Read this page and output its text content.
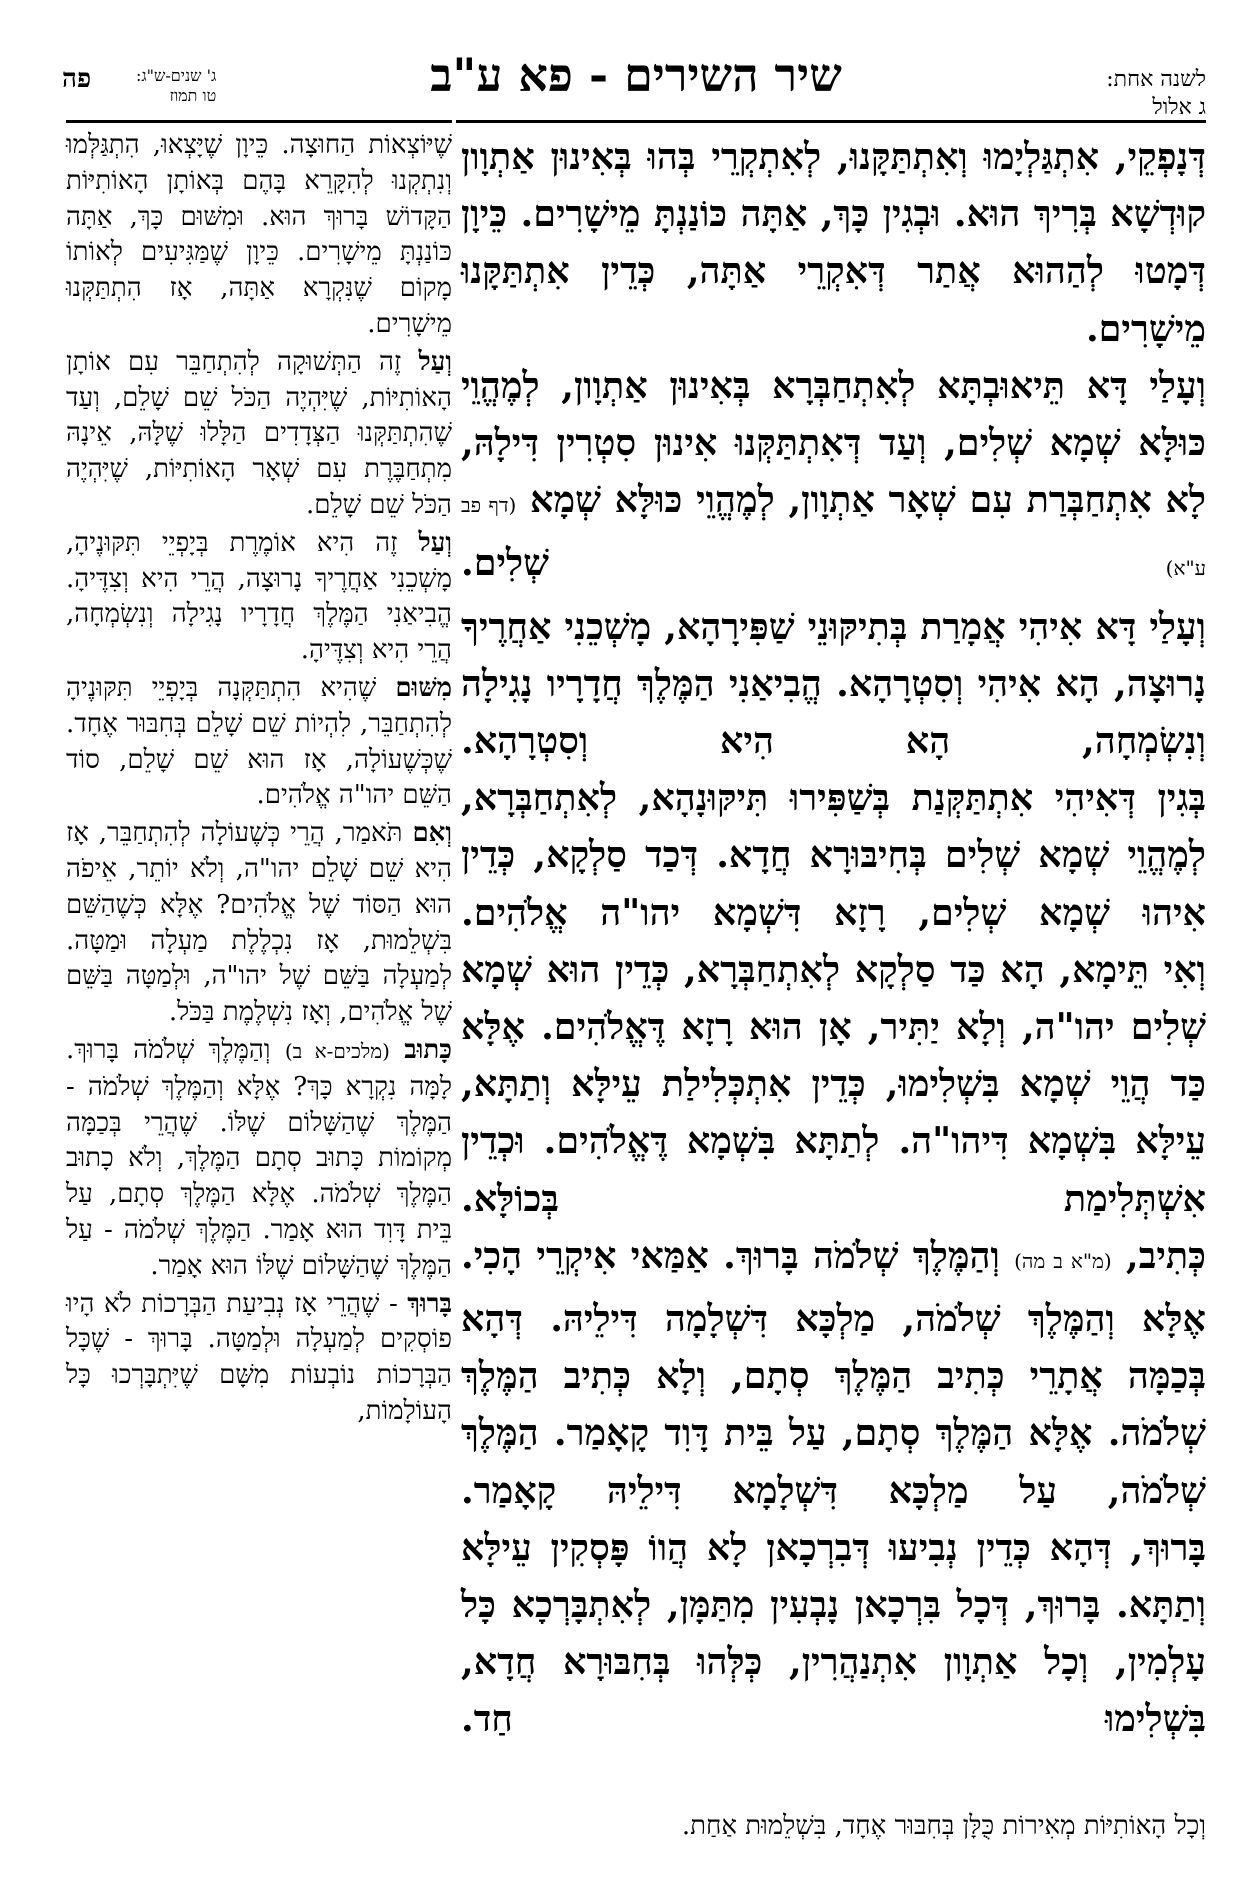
לשנה אחת:
ג אלול
שיר השירים - פא ע"ב
ג' שנים-ש"ג:
טו תמוז
פה

דְּנָפְקֵי, אִתְגַּלְיָמוּ וְאִתְתַּקָּנוּ, לְאִתְקְרֵי בְּהוּ בְּאִינוּן אַתְוָון קוּדְשָׁא בְּרִיךְ הוּא. וּבְגִין כָּךְ, אַתָּה כּוֹנַנְתָּ מֵישָׁרִים. כֵּיוָן דְּמָטוּ לְהַהוּא אֲתַר דְּאִקְרֵי אַתָּה, כְּדֵין אִתְתַּקָּנוּ מֵישָׁרִים.

וְעָלַי דָּא תֵּיאוּבְתָּא לְאִתְחַבְּרָא בְּאִינוּן אַתְוָון, לְמֶהֱוֵי כּוּלָּא שְׁמָא שְׁלִים, וְעַד דְּאִתְתַּקְּנוּ אִינוּן סִטְרִין דִּילָהּ, לָא אִתְחַבְּרַת עִם שְׁאָר אַתְוָון, לְמֶהֱוֵי כּוּלָּא שְׁמָא (דף פב ע"א) שְׁלִים.

וְעָלַי דָּא אִיהִי אֲמָרַת בְּתִיקּוּנֵי שַׁפִּירָהָא, מָשְׁכֵנִי אַחֲרֶיךָ נָרוּצָה, הָא אִיהִי וְסִטְרָהָא. הֱבִיאַנִי הַמֶּלֶךְ חֲדָרָיו נָגִילָה וְנִשְׂמְחָה, הָא הִיא וְסִטְרָהָא.

בְּגִין דְּאִיהִי אִתְתַּקְּנַת בְּשַׁפִּירוּ תִּיקּוּנָהָא, לְאִתְחַבְּרָא, לְמֶהֱוֵי שְׁמָא שְׁלִים בְּחִיבּוּרָא חֲדָא. דְּכַד סַלְקָא, כְּדֵין אִיהוּ שְׁמָא שְׁלִים, רָזָא דִּשְׁמָא יהו"ה אֱלֹהִים.

וְאִי תֵּימָא, הָא כַּד סַלְקָא לְאִתְחַבְּרָא, כְּדֵין הוּא שְׁמָא שְׁלִים יהו"ה, וְלָא יַתִּיר, אָן הוּא רָזָא דֶּאֱלֹהִים. אֶלָּא כַּד הֲוֵי שְׁמָא בִּשְׁלִימוּ, כְּדֵין אִתְכְּלִילַת עֵילָּא וְתַתָּא, עֵילָּא בִּשְׁמָא דִּיהו"ה. לְתַתָּא בִּשְׁמָא דֶּאֱלֹהִים. וּכְדֵין אִשְׁתְּלִימַת בְּכוֹלָּא.

כְּתִיב, (מ"א ב מה) וְהַמֶּלֶךְ שְׁלֹמֹה בָּרוּךְ. אַמַּאי אִיקְרֵי הָכִי. אֶלָּא וְהַמֶּלֶךְ שְׁלֹמֹה, מַלְכָּא דִּשְׁלָמָה דִּילֵיהּ. דְּהָא בְּכַמָּה אֲתָרֵי כְּתִיב הַמֶּלֶךְ סְתָם, וְלָא כְּתִיב הַמֶּלֶךְ שְׁלֹמֹה. אֶלָּא הַמֶּלֶךְ סְתָם, עַל בֵּית דָּוִד קָאָמַר. הַמֶּלֶךְ שְׁלֹמֹה, עַל מַלְכָּא דִּשְׁלָמָא דִּילֵיהּ קָאָמַר.

בָּרוּךְ, דְּהָא כְּדֵין נְבִיעוּ דְּבִרְכָאן לָא הֲווֹ פָּסְקִין עֵילָּא וְתַתָּא. בָּרוּךְ, דְּכָל בִּרְכָאן נָבְעִין מִתַּמָּן, לְאִתְבָּרְכָא כָּל עָלְמִין, וְכָל אַתְוָון אִתְנַהֲרִין, כְּלְּהוּ בְּחִבּוּרָא חֲדָא, בִּשְׁלִימוּ חַד.

שֶׁיּוֹצְאוֹת הַחוּצָה. כֵּיוָן שֶׁיָּצְאוּ, הִתְגַּלְּמוּ וְנִתְקְנוּ לְהִקָּרֵא בָּהֶם בְּאוֹתָן הָאוֹתִיּוֹת הַקָּדוֹשׁ בָּרוּךְ הוּא. וּמִשּׁוּם כָּךְ, אַתָּה כּוֹנַנְתָּ מֵישָׁרִים. כֵּיוָן שֶׁמַּגִּיעִים לְאוֹתוֹ מָקוֹם שֶׁנִּקְרָא אַתָּה, אָז הִתְתַּקְּנוּ מֵישָׁרִים.

וְעַל זֶה הַתְּשׁוּקָה לְהִתְחַבֵּר עִם אוֹתָן הָאוֹתִיּוֹת, שֶׁיִּהְיֶה הַכֹּל שֵׁם שָׁלֵם, וְעַד שֶׁהִתְתַּקְּנוּ הַצְּדָדִים הַלָּלוּ שֶׁלָּהּ, אֵינָהּ מִתְחַבֶּרֶת עִם שְׁאָר הָאוֹתִיּוֹת, שֶׁיִּהְיֶה הַכֹּל שֵׁם שָׁלֵם.

וְעַל זֶה הִיא אוֹמֶרֶת בְּיָפְיֵי תִּקּוּנֶיהָ, מָשְׁכֵנִי אַחֲרֶיךָ נָרוּצָה, הֲרֵי הִיא וְצִדֶּיהָ. הֱבִיאַנִי הַמֶּלֶךְ חֲדָרָיו נָגִילָה וְנִשְׂמְחָה, הֲרֵי הִיא וְצִדֶּיהָ.

מִשּׁוּם שֶׁהִיא הִתְתַּקְּנָה בְּיָפְיֵי תִּקּוּנֶיהָ לְהִתְחַבֵּר, לִהְיוֹת שֵׁם שָׁלֵם בְּחִבּוּר אֶחָד. שֶׁכְּשֶׁעוֹלָה, אָז הוּא שֵׁם שָׁלֵם, סוֹד הַשֵּׁם יהו"ה אֱלֹהִים.

וְאִם תֹּאמַר, הֲרֵי כְּשֶׁעוֹלָה לְהִתְחַבֵּר, אָז הִיא שֵׁם שָׁלֵם יהו"ה, וְלֹא יוֹתֵר, אֵיפֹה הוּא הַסּוֹד שֶׁל אֱלֹהִים? אֶלָּא כְּשֶׁהַשֵּׁם בִּשְׁלֵמוּת, אָז נִכְלֶלֶת מַעְלָה וּמַטָּה. לְמַעְלָה בַּשֵּׁם שֶׁל יהו"ה, וּלְמַטָּה בַּשֵּׁם שֶׁל אֱלֹהִים, וְאָז נִשְׁלֶמֶת בַּכֹּל.

כָּתוּב (מלכים-א ב) וְהַמֶּלֶךְ שְׁלֹמֹה בָּרוּךְ. לָמָּה נִקְרָא כָּךְ? אֶלָּא וְהַמֶּלֶךְ שְׁלֹמֹה - הַמֶּלֶךְ שֶׁהַשָּׁלוֹם שֶׁלּוֹ. שֶׁהֲרֵי בְּכַמָּה מְקוֹמוֹת כָּתוּב סְתָם הַמֶּלֶךְ, וְלֹא כָתוּב הַמֶּלֶךְ שְׁלֹמֹה. אֶלָּא הַמֶּלֶךְ סְתָם, עַל בֵּית דָּוִד הוּא אָמַר. הַמֶּלֶךְ שְׁלֹמֹה - עַל הַמֶּלֶךְ שֶׁהַשָּׁלוֹם שֶׁלּוֹ הוּא אָמַר.

בָּרוּךְ - שֶׁהֲרֵי אָז נְבִיעַת הַבְּרָכוֹת לֹא הָיוּ פוֹסְקִים לְמַעְלָה וּלְמַטָּה. בָּרוּךְ - שֶׁכָּל הַבְּרָכוֹת נוֹבְעוֹת מִשָּׁם שֶׁיִּתְבָּרְכוּ כָּל הָעוֹלָמוֹת,

וְכָל הָאוֹתִיּוֹת מְאִירוֹת כֻּלָּן בְּחִבּוּר אֶחָד, בִּשְׁלֵמוּת אַחַת.
